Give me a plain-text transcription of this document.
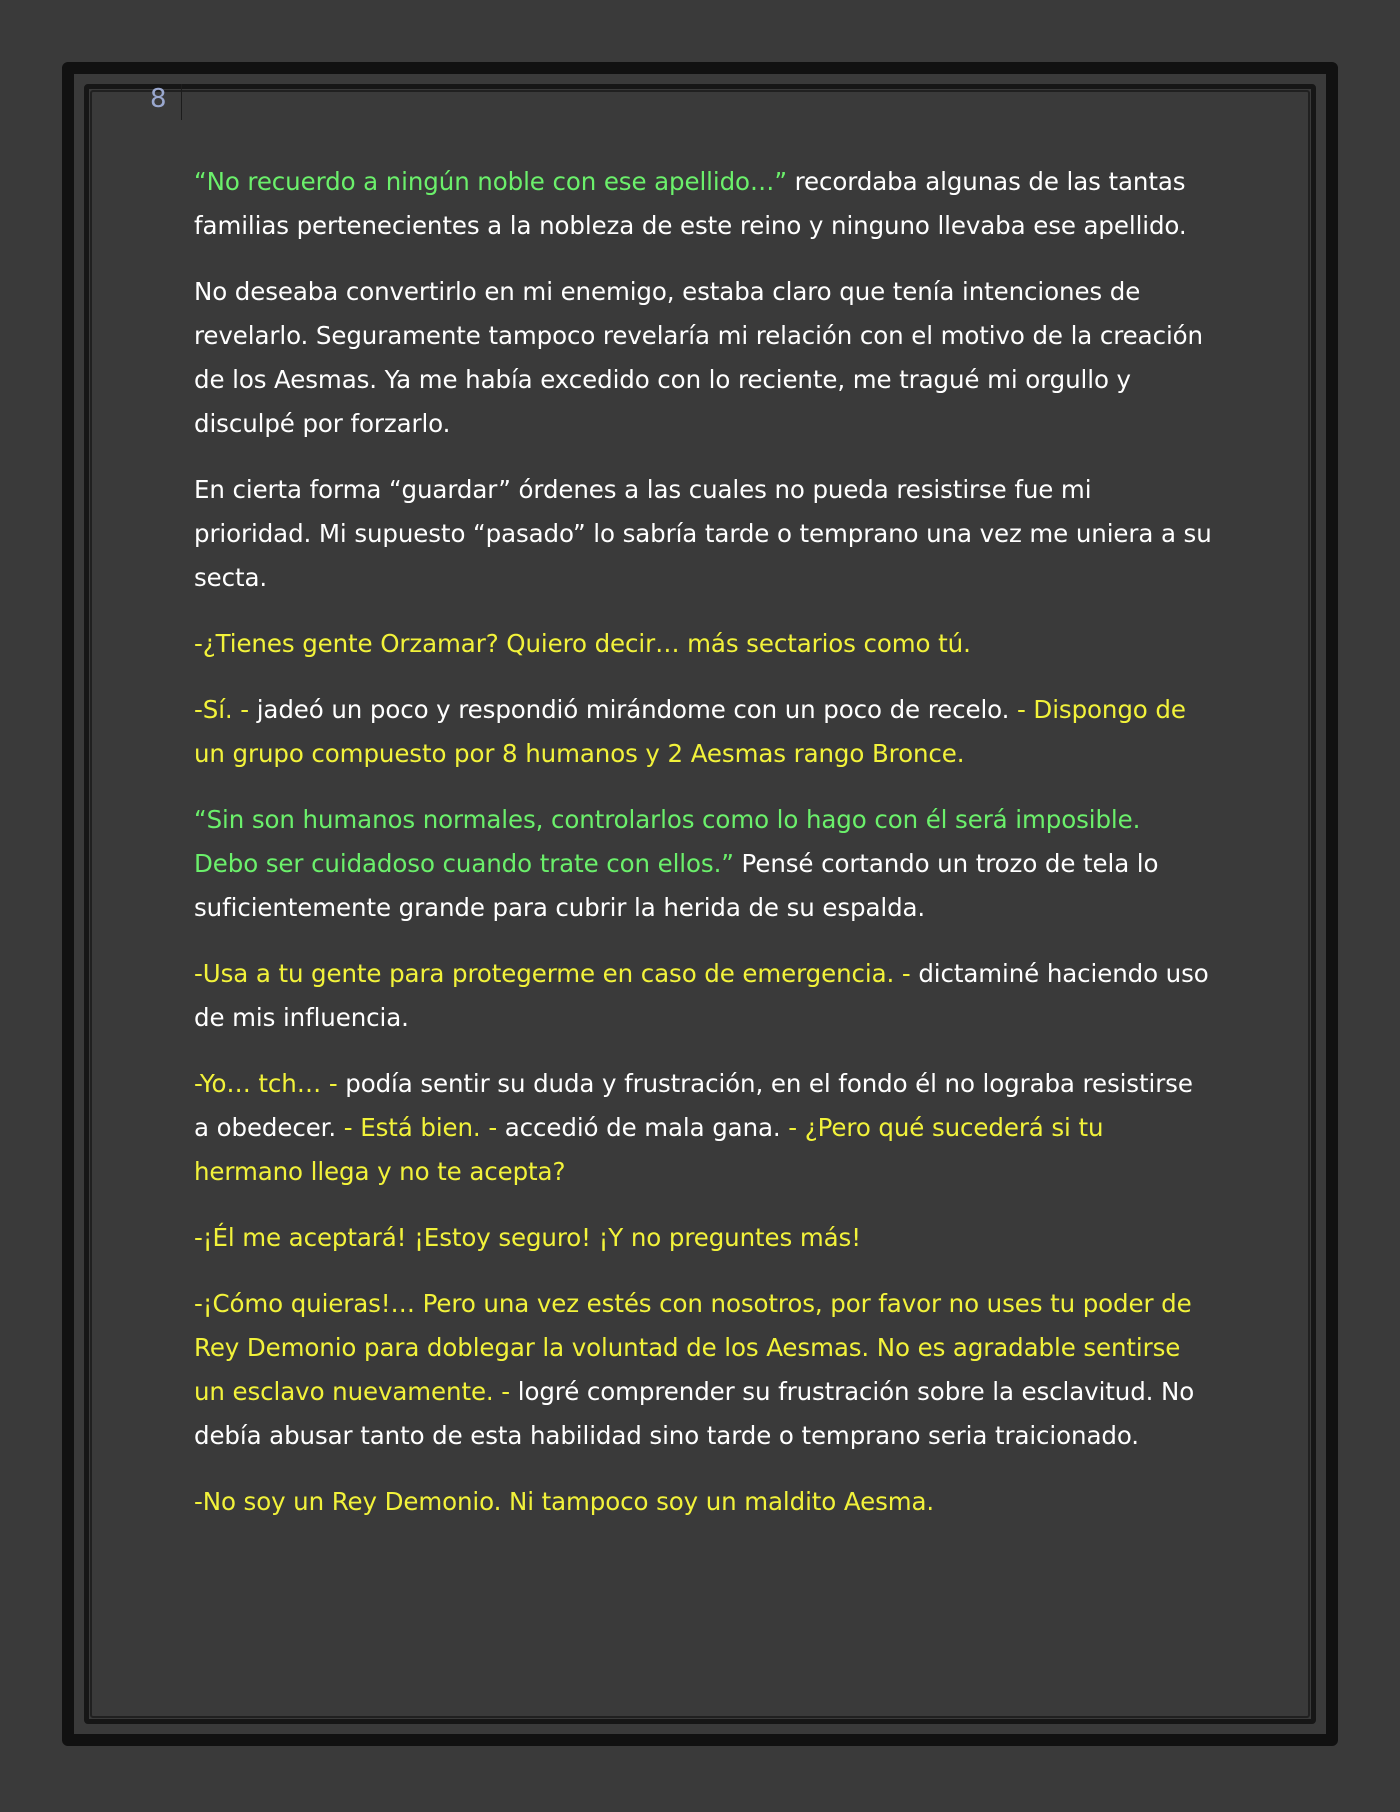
8

“No recuerdo a ningún noble con ese apellido…” recordaba algunas de las tantas familias pertenecientes a la nobleza de este reino y ninguno llevaba ese apellido.

No deseaba convertirlo en mi enemigo, estaba claro que tenía intenciones de revelarlo. Seguramente tampoco revelaría mi relación con el motivo de la creación de los Aesmas. Ya me había excedido con lo reciente, me tragué mi orgullo y disculpé por forzarlo.

En cierta forma “guardar” órdenes a las cuales no pueda resistirse fue mi prioridad. Mi supuesto “pasado” lo sabría tarde o temprano una vez me uniera a su secta.

-¿Tienes gente Orzamar? Quiero decir… más sectarios como tú.

-Sí. - jadeó un poco y respondió mirándome con un poco de recelo. - Dispongo de un grupo compuesto por 8 humanos y 2 Aesmas rango Bronce.

“Sin son humanos normales, controlarlos como lo hago con él será imposible. Debo ser cuidadoso cuando trate con ellos.” Pensé cortando un trozo de tela lo suficientemente grande para cubrir la herida de su espalda.

-Usa a tu gente para protegerme en caso de emergencia. - dictaminé haciendo uso de mis influencia.

-Yo… tch… - podía sentir su duda y frustración, en el fondo él no lograba resistirse a obedecer. - Está bien. - accedió de mala gana. - ¿Pero qué sucederá si tu hermano llega y no te acepta?

-¡Él me aceptará! ¡Estoy seguro! ¡Y no preguntes más!

-¡Cómo quieras!… Pero una vez estés con nosotros, por favor no uses tu poder de Rey Demonio para doblegar la voluntad de los Aesmas. No es agradable sentirse un esclavo nuevamente. - logré comprender su frustración sobre la esclavitud. No debía abusar tanto de esta habilidad sino tarde o temprano seria traicionado.

-No soy un Rey Demonio. Ni tampoco soy un maldito Aesma.
